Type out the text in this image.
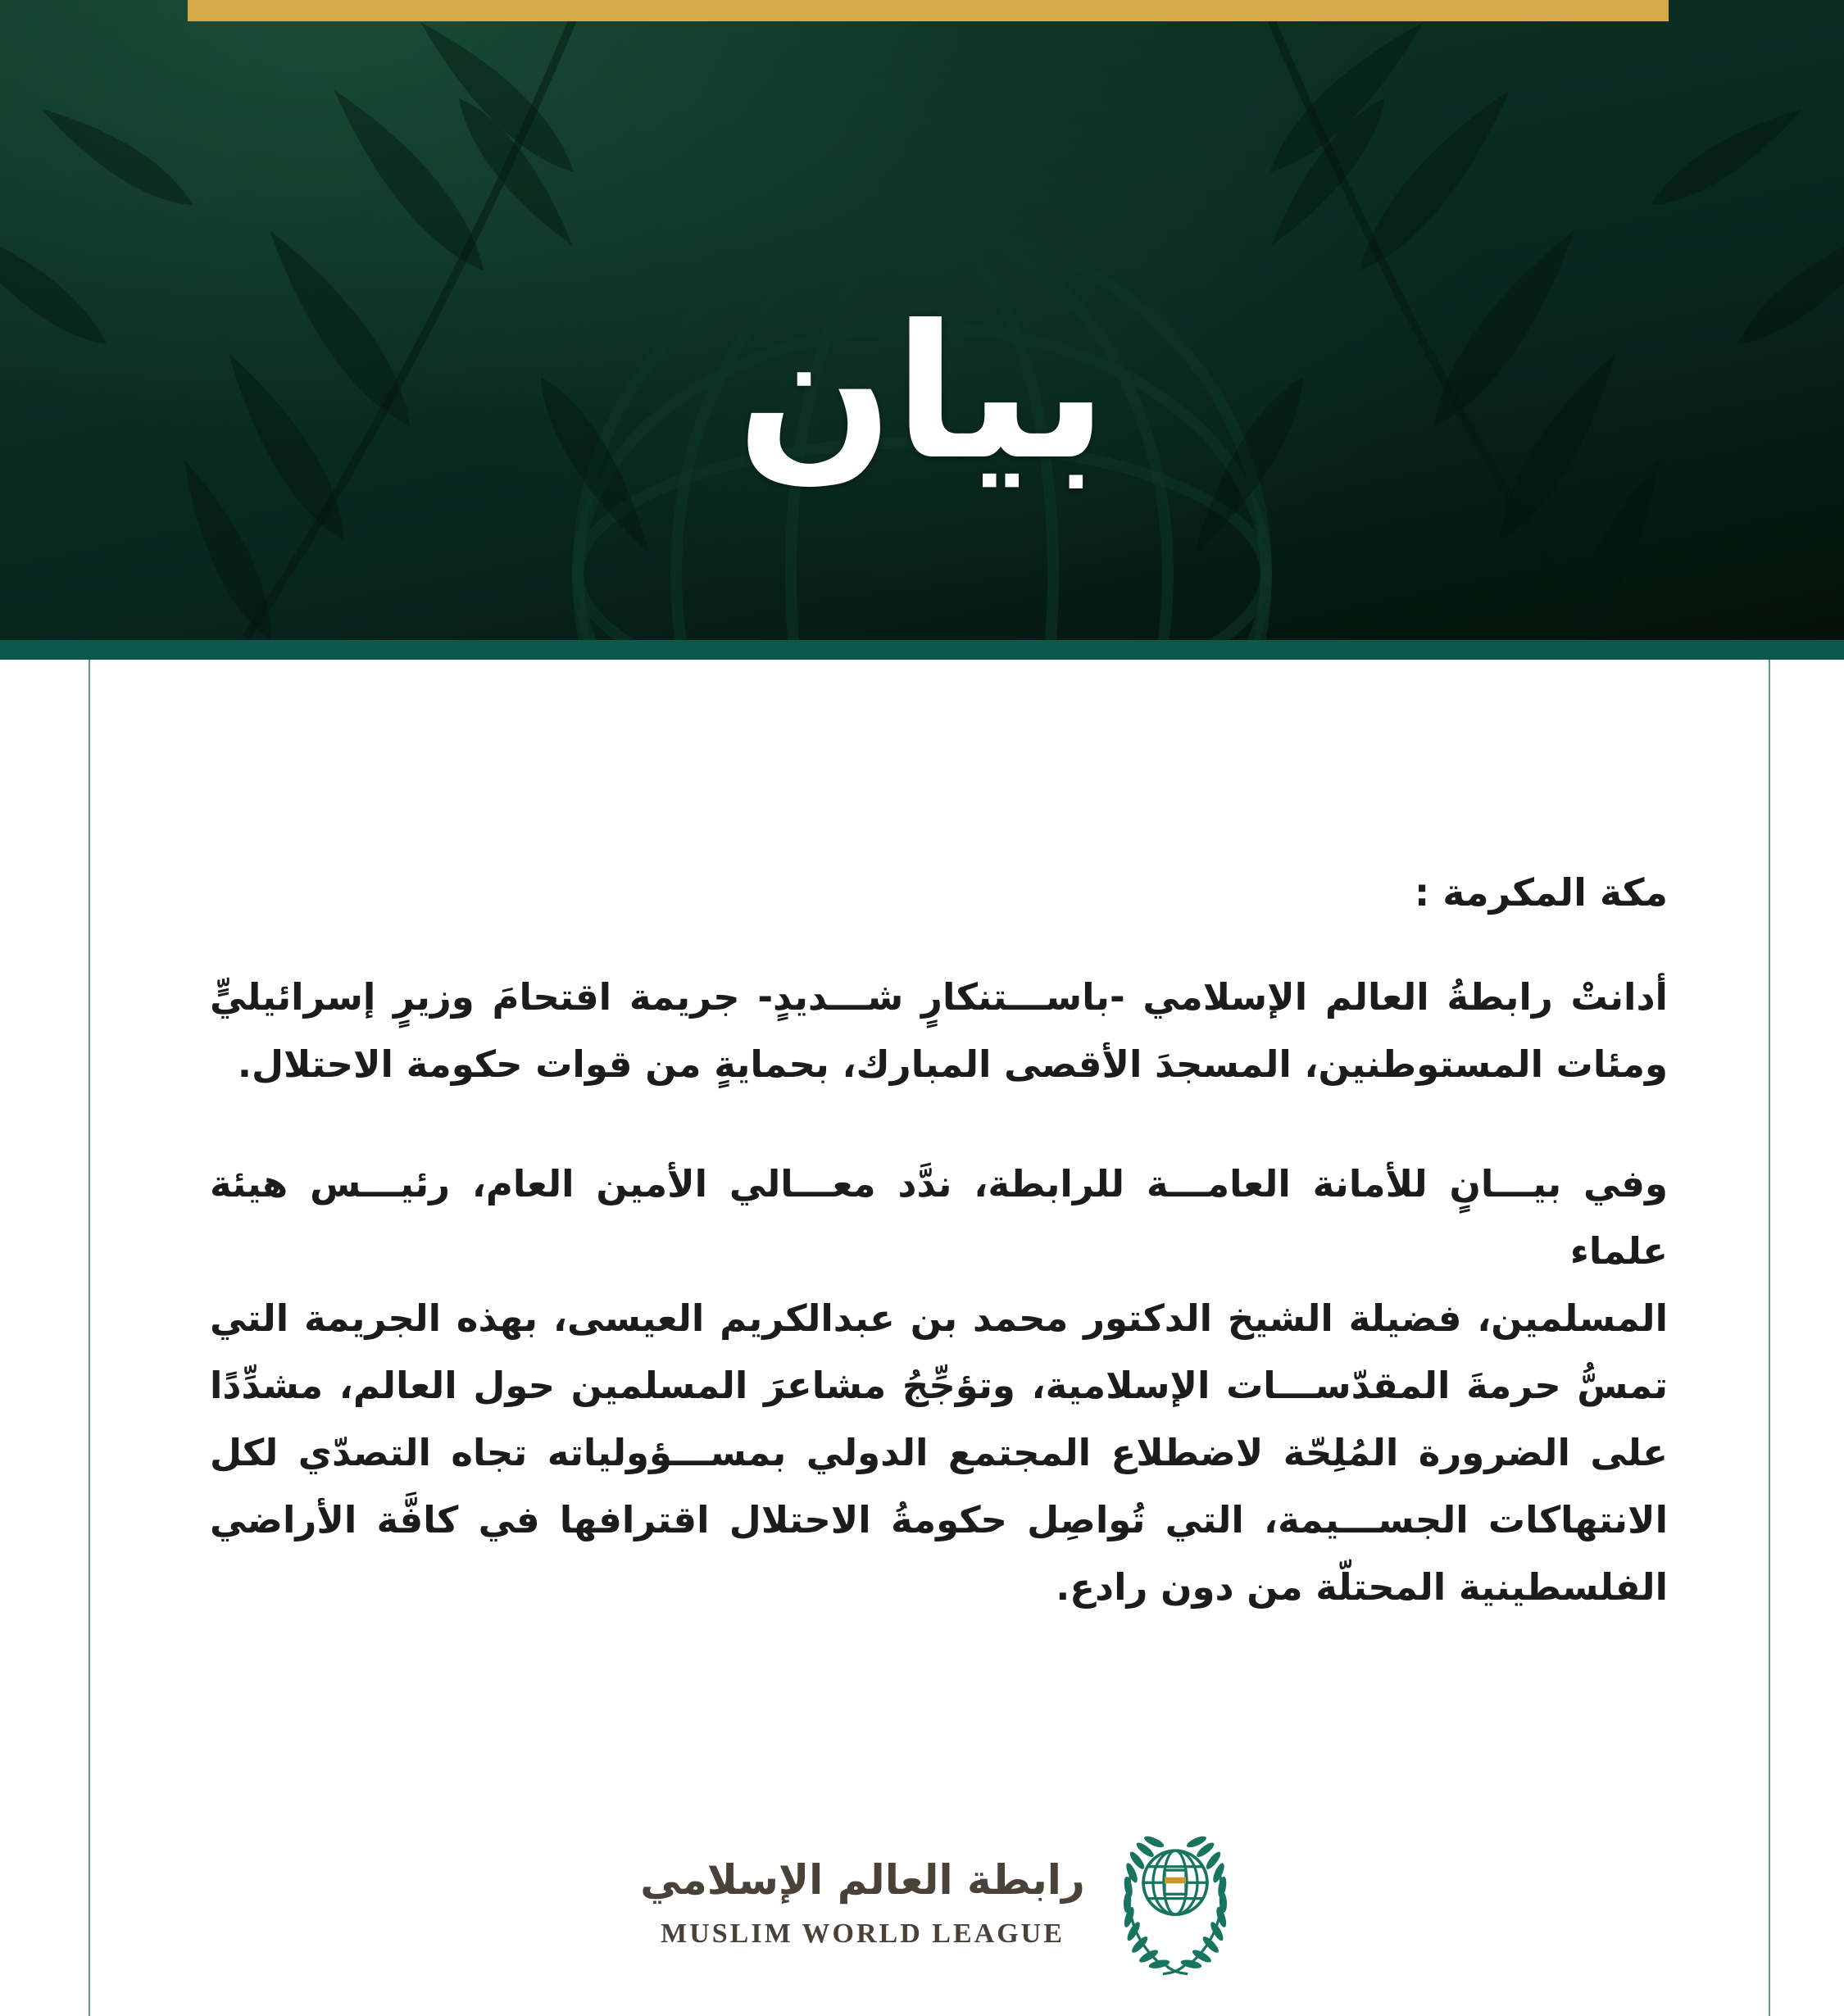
بيان
مكة المكرمة :
أدانتْ رابطةُ العالم الإسلامي -باســـتنكارٍ شـــديدٍ- جريمة اقتحامَ وزيرٍ إسرائيليٍّ
ومئات المستوطنين، المسجدَ الأقصى المبارك، بحمايةٍ من قوات حكومة الاحتلال.
وفي بيـــانٍ للأمانة العامـــة للرابطة، ندَّد معـــالي الأمين العام، رئيـــس هيئة علماء
المسلمين، فضيلة الشيخ الدكتور محمد بن عبدالكريم العيسى، بهذه الجريمة التي
تمسُّ حرمةَ المقدّســـات الإسلامية، وتؤجِّجُ مشاعرَ المسلمين حول العالم، مشدِّدًا
على الضرورة المُلِحّة لاضطلاع المجتمع الدولي بمســـؤولياته تجاه التصدّي لكل
الانتهاكات الجســـيمة، التي تُواصِل حكومةُ الاحتلال اقترافها في كافَّة الأراضي
الفلسطينية المحتلّة من دون رادع.
رابطة العالم الإسلامي
MUSLIM WORLD LEAGUE
